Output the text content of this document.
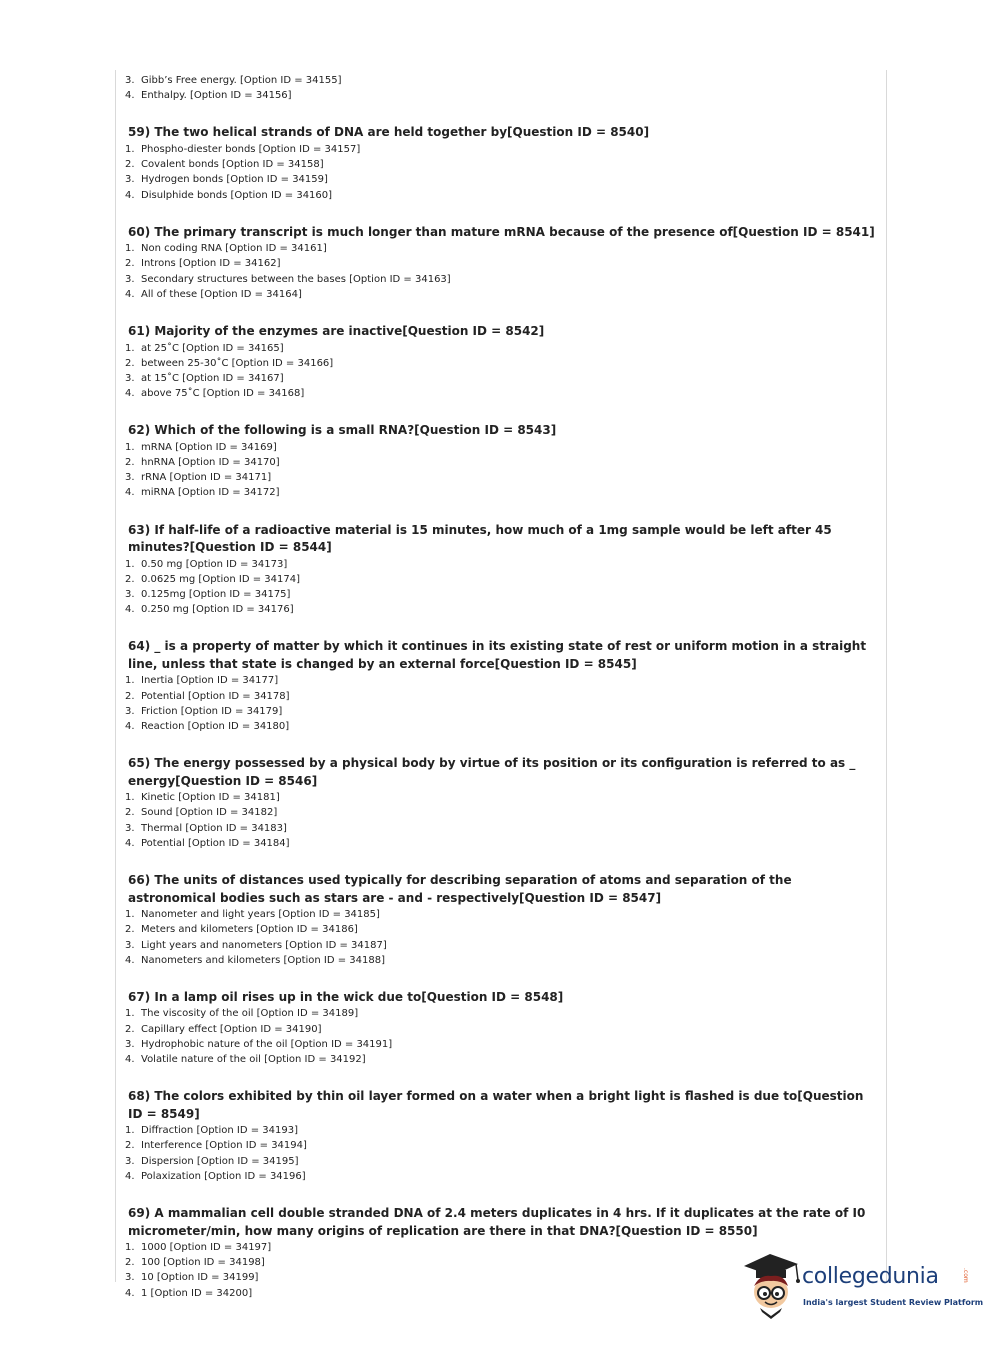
3. Gibb’s Free energy. [Option ID = 34155]
4. Enthalpy. [Option ID = 34156]
59) The two helical strands of DNA are held together by[Question ID = 8540]
1. Phospho-diester bonds [Option ID = 34157]
2. Covalent bonds [Option ID = 34158]
3. Hydrogen bonds [Option ID = 34159]
4. Disulphide bonds [Option ID = 34160]
60) The primary transcript is much longer than mature mRNA because of the presence of[Question ID = 8541]
1. Non coding RNA [Option ID = 34161]
2. Introns [Option ID = 34162]
3. Secondary structures between the bases [Option ID = 34163]
4. All of these [Option ID = 34164]
61) Majority of the enzymes are inactive[Question ID = 8542]
1. at 25˚C [Option ID = 34165]
2. between 25-30˚C [Option ID = 34166]
3. at 15˚C [Option ID = 34167]
4. above 75˚C [Option ID = 34168]
62) Which of the following is a small RNA?[Question ID = 8543]
1. mRNA [Option ID = 34169]
2. hnRNA [Option ID = 34170]
3. rRNA [Option ID = 34171]
4. miRNA [Option ID = 34172]
63) If half-life of a radioactive material is 15 minutes, how much of a 1mg sample would be left after 45 minutes?[Question ID = 8544]
1. 0.50 mg [Option ID = 34173]
2. 0.0625 mg [Option ID = 34174]
3. 0.125mg [Option ID = 34175]
4. 0.250 mg [Option ID = 34176]
64) _ is a property of matter by which it continues in its existing state of rest or uniform motion in a straight line, unless that state is changed by an external force[Question ID = 8545]
1. Inertia [Option ID = 34177]
2. Potential [Option ID = 34178]
3. Friction [Option ID = 34179]
4. Reaction [Option ID = 34180]
65) The energy possessed by a physical body by virtue of its position or its configuration is referred to as _ energy[Question ID = 8546]
1. Kinetic [Option ID = 34181]
2. Sound [Option ID = 34182]
3. Thermal [Option ID = 34183]
4. Potential [Option ID = 34184]
66) The units of distances used typically for describing separation of atoms and separation of the astronomical bodies such as stars are - and - respectively[Question ID = 8547]
1. Nanometer and light years [Option ID = 34185]
2. Meters and kilometers [Option ID = 34186]
3. Light years and nanometers [Option ID = 34187]
4. Nanometers and kilometers [Option ID = 34188]
67) In a lamp oil rises up in the wick due to[Question ID = 8548]
1. The viscosity of the oil [Option ID = 34189]
2. Capillary effect [Option ID = 34190]
3. Hydrophobic nature of the oil [Option ID = 34191]
4. Volatile nature of the oil [Option ID = 34192]
68) The colors exhibited by thin oil layer formed on a water when a bright light is flashed is due to[Question ID = 8549]
1. Diffraction [Option ID = 34193]
2. Interference [Option ID = 34194]
3. Dispersion [Option ID = 34195]
4. Polaxization [Option ID = 34196]
69) A mammalian cell double stranded DNA of 2.4 meters duplicates in 4 hrs. If it duplicates at the rate of I0 micrometer/min, how many origins of replication are there in that DNA?[Question ID = 8550]
1. 1000 [Option ID = 34197]
2. 100 [Option ID = 34198]
3. 10 [Option ID = 34199]
4. 1 [Option ID = 34200]
collegedunia	.com
India's largest Student Review Platform
